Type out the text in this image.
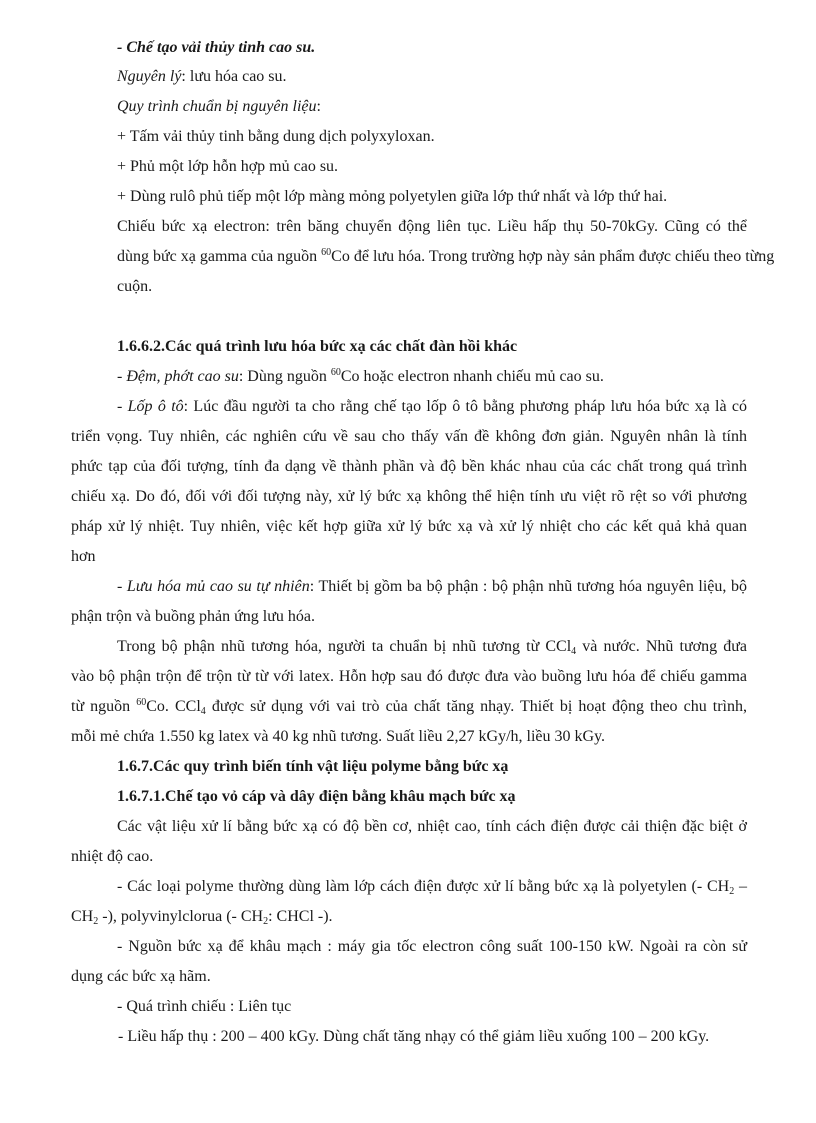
- Chế tạo vải thủy tinh cao su.
Nguyên lý: lưu hóa cao su.
Quy trình chuẩn bị nguyên liệu:
+ Tấm vải thủy tinh bằng dung dịch polyxyloxan.
+ Phủ một lớp hỗn hợp mủ cao su.
+ Dùng rulô phủ tiếp một lớp màng mỏng polyetylen giữa lớp thứ nhất và lớp thứ hai.
Chiếu bức xạ electron: trên băng chuyển động liên tục. Liều hấp thụ 50-70kGy. Cũng có thể
dùng bức xạ gamma của nguồn $^{60}$Co để lưu hóa. Trong trường hợp này sản phẩm được chiếu theo từng
cuộn.
1.6.6.2.Các quá trình lưu hóa bức xạ các chất đàn hồi khác
- Đệm, phớt cao su: Dùng nguồn $^{60}$Co hoặc electron nhanh chiếu mủ cao su.
- Lốp ô tô: Lúc đầu người ta cho rằng chế tạo lốp ô tô bằng phương pháp lưu hóa bức xạ là có
triển vọng. Tuy nhiên, các nghiên cứu về sau cho thấy vấn đề không đơn giản. Nguyên nhân là tính
phức tạp của đối tượng, tính đa dạng về thành phần và độ bền khác nhau của các chất trong quá trình
chiếu xạ. Do đó, đối với đối tượng này, xử lý bức xạ không thể hiện tính ưu việt rõ rệt so với phương
pháp xử lý nhiệt. Tuy nhiên, việc kết hợp giữa xử lý bức xạ và xử lý nhiệt cho các kết quả khả quan
hơn
- Lưu hóa mủ cao su tự nhiên: Thiết bị gồm ba bộ phận : bộ phận nhũ tương hóa nguyên liệu, bộ
phận trộn và buồng phản ứng lưu hóa.
Trong bộ phận nhũ tương hóa, người ta chuẩn bị nhũ tương từ CCl$_4$ và nước. Nhũ tương đưa
vào bộ phận trộn để trộn từ từ với latex. Hỗn hợp sau đó được đưa vào buồng lưu hóa để chiếu gamma
từ nguồn $^{60}$Co. CCl$_4$ được sử dụng với vai trò của chất tăng nhạy. Thiết bị hoạt động theo chu trình,
mỗi mẻ chứa 1.550 kg latex và 40 kg nhũ tương. Suất liều 2,27 kGy/h, liều 30 kGy.
1.6.7.Các quy trình biến tính vật liệu polyme bằng bức xạ
1.6.7.1.Chế tạo vỏ cáp và dây điện bằng khâu mạch bức xạ
Các vật liệu xử lí bằng bức xạ có độ bền cơ, nhiệt cao, tính cách điện được cải thiện đặc biệt ở
nhiệt độ cao.
- Các loại polyme thường dùng làm lớp cách điện được xử lí bằng bức xạ là polyetylen (- $CH_2$ –
$CH_2$ -), polyvinylclorua (- $CH_2$: CHCl -).
- Nguồn bức xạ để khâu mạch : máy gia tốc electron công suất 100-150 kW. Ngoài ra còn sử
dụng các bức xạ hãm.
- Quá trình chiếu : Liên tục
- Liều hấp thụ : 200 – 400 kGy. Dùng chất tăng nhạy có thể giảm liều xuống 100 – 200 kGy.
